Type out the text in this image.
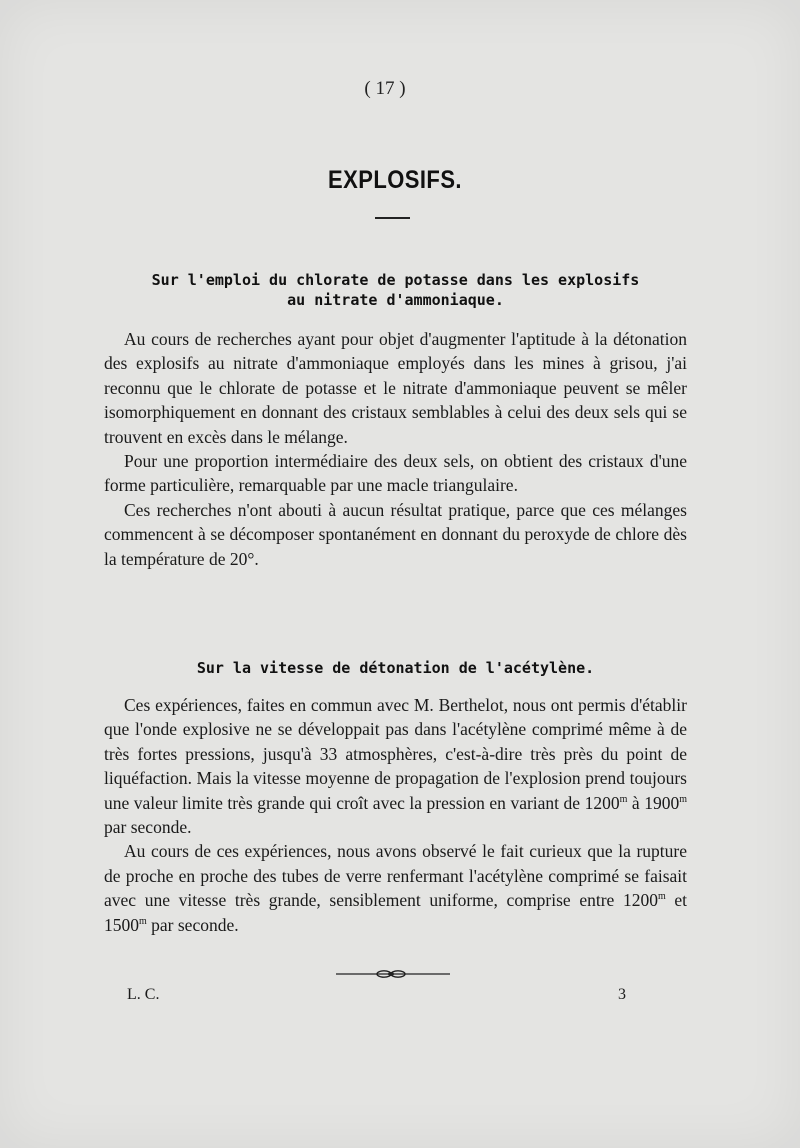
( 17 )
EXPLOSIFS.
Sur l'emploi du chlorate de potasse dans les explosifs
au nitrate d'ammoniaque.

Au cours de recherches ayant pour objet d'augmenter l'aptitude à la détonation des explosifs au nitrate d'ammoniaque employés dans les mines à grisou, j'ai reconnu que le chlorate de potasse et le nitrate d'ammoniaque peuvent se mêler isomorphiquement en donnant des cristaux semblables à celui des deux sels qui se trouvent en excès dans le mélange.

Pour une proportion intermédiaire des deux sels, on obtient des cristaux d'une forme particulière, remarquable par une macle triangulaire.

Ces recherches n'ont abouti à aucun résultat pratique, parce que ces mélanges commencent à se décomposer spontanément en donnant du peroxyde de chlore dès la température de 20°.

Sur la vitesse de détonation de l'acétylène.

Ces expériences, faites en commun avec M. Berthelot, nous ont permis d'établir que l'onde explosive ne se développait pas dans l'acétylène comprimé même à de très fortes pressions, jusqu'à 33 atmosphères, c'est-à-dire très près du point de liquéfaction. Mais la vitesse moyenne de propagation de l'explosion prend toujours une valeur limite très grande qui croît avec la pression en variant de 1200$^m$ à 1900$^m$ par seconde.

Au cours de ces expériences, nous avons observé le fait curieux que la rupture de proche en proche des tubes de verre renfermant l'acétylène comprimé se faisait avec une vitesse très grande, sensiblement uniforme, comprise entre 1200$^m$ et 1500$^m$ par seconde.

L. C.	3
